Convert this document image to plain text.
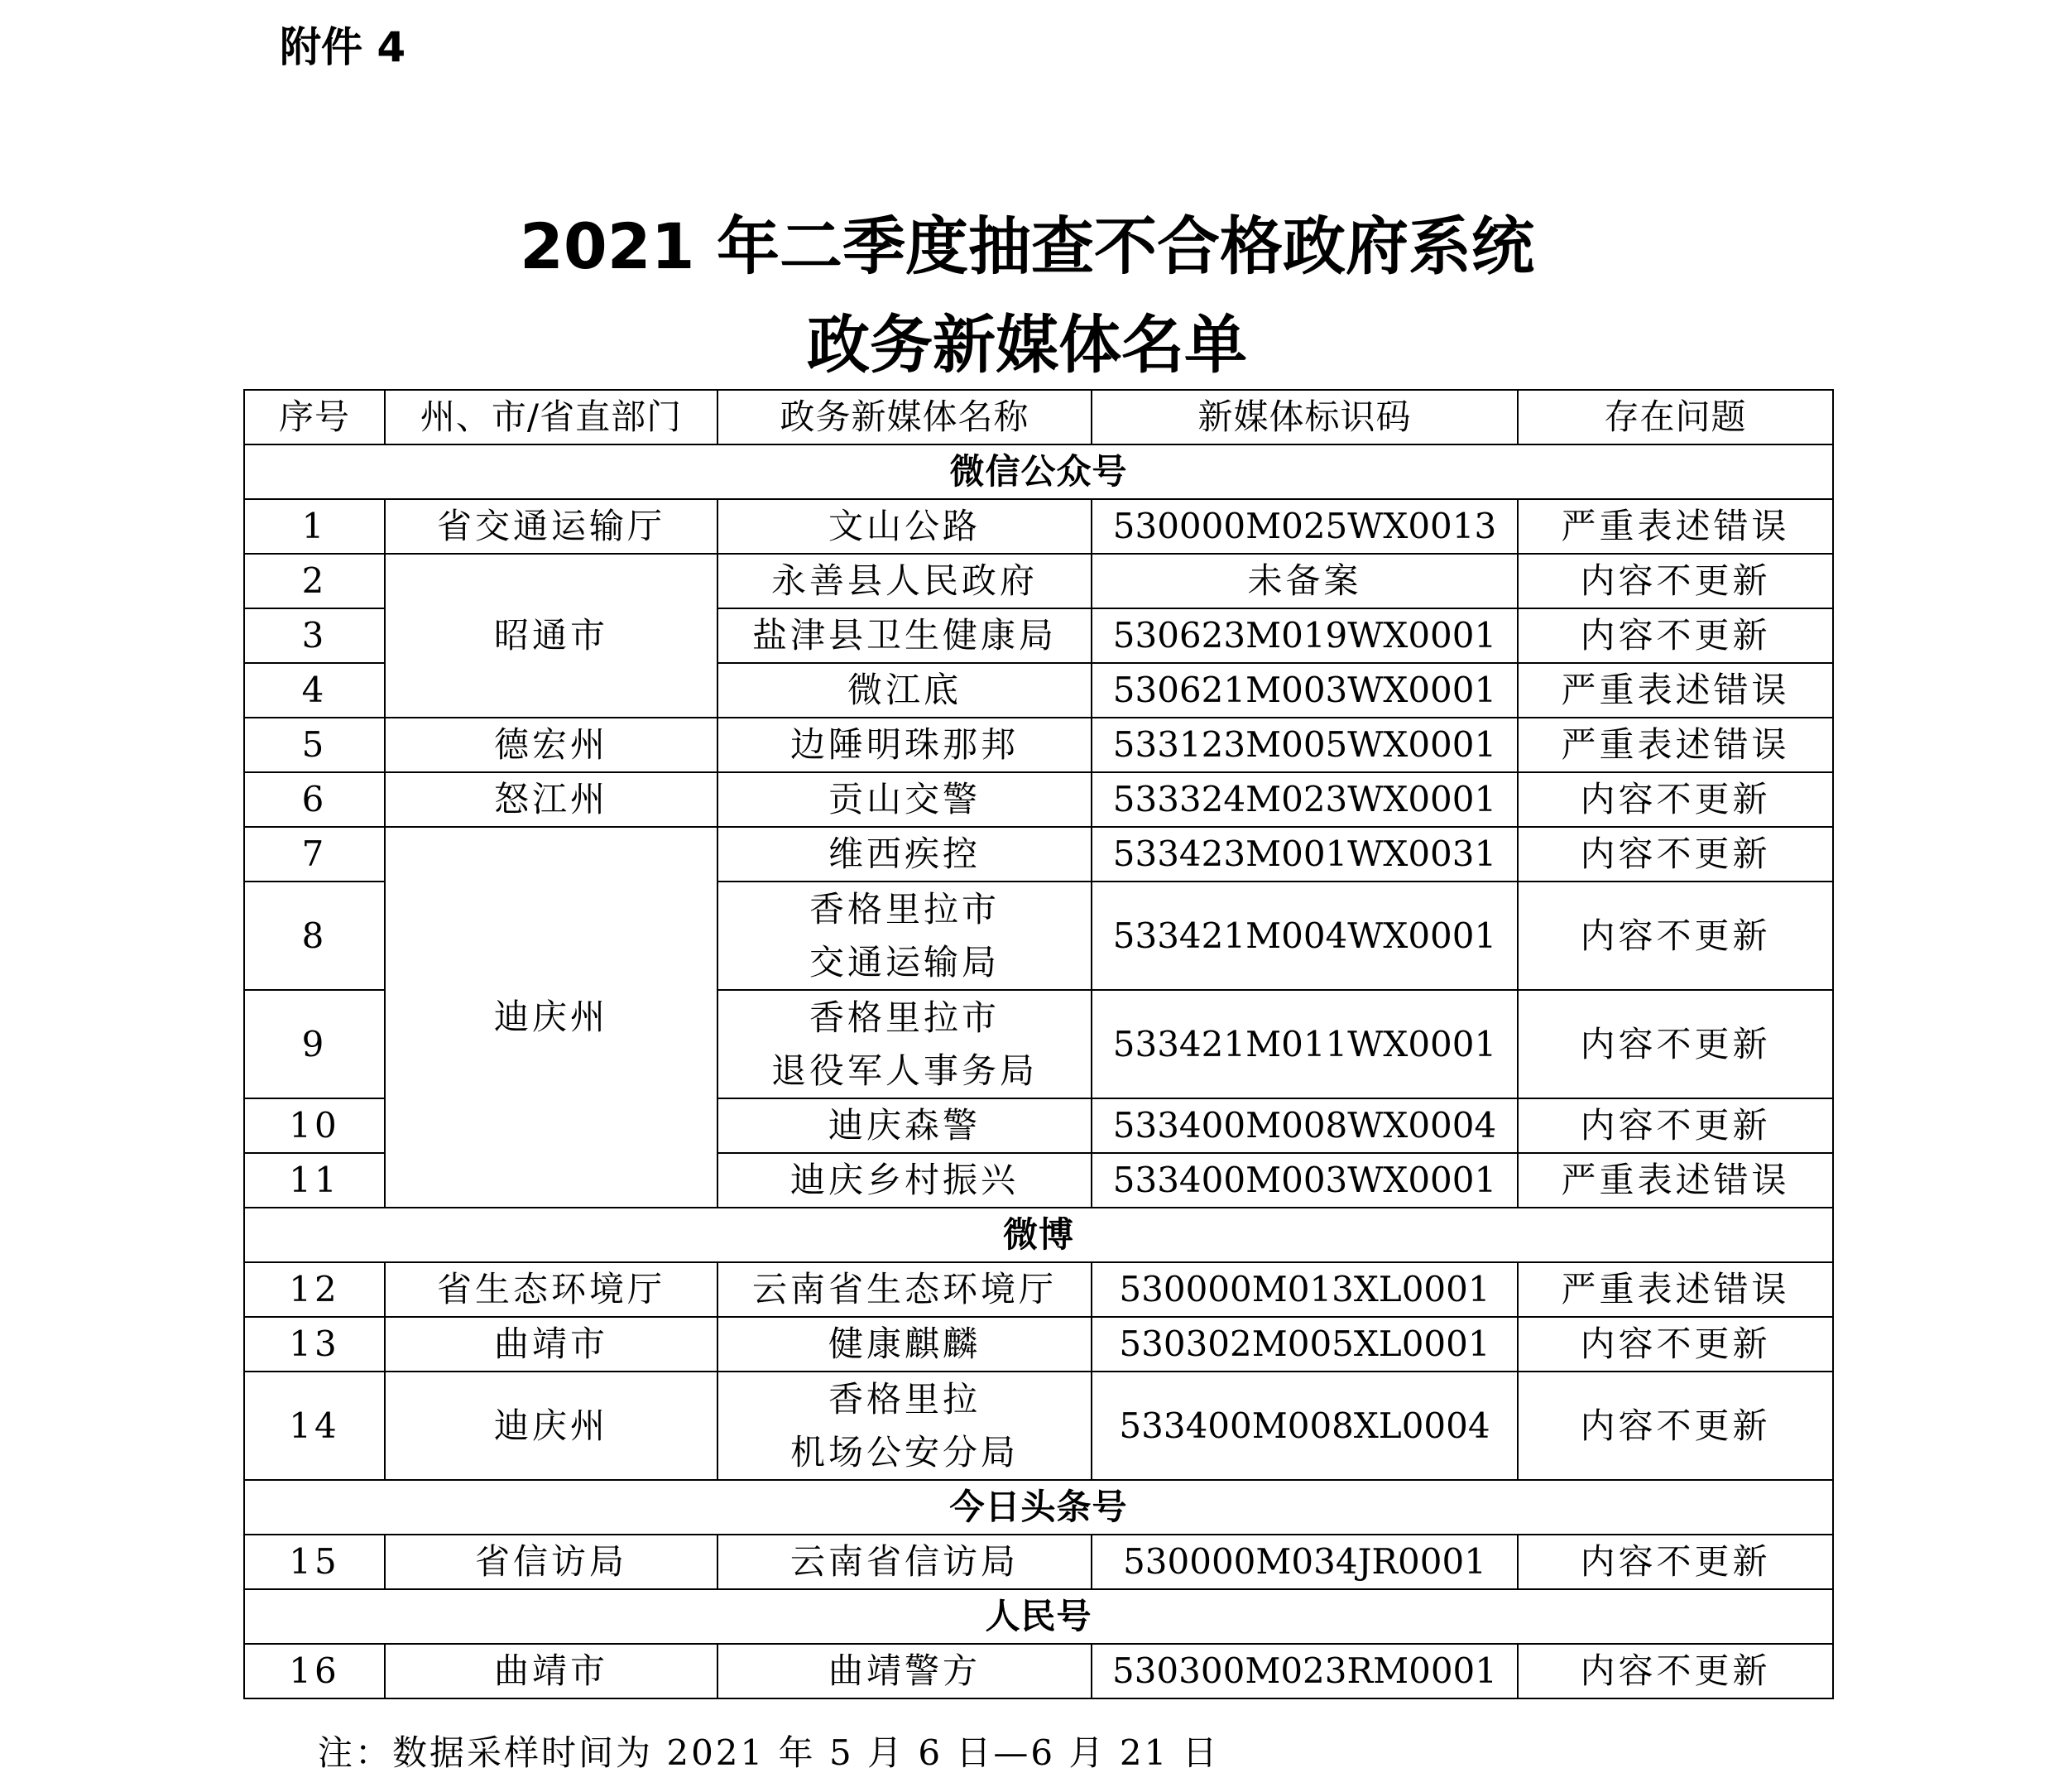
附件 4
2021 年二季度抽查不合格政府系统
政务新媒体名单
序号	州、市/省直部门	政务新媒体名称	新媒体标识码	存在问题
微信公众号				
1	省交通运输厅	文山公路	530000M025WX0013	严重表述错误
2	昭通市	永善县人民政府	未备案	内容不更新
3		盐津县卫生健康局	530623M019WX0001	内容不更新
4		微江底	530621M003WX0001	严重表述错误
5	德宏州	边陲明珠那邦	533123M005WX0001	严重表述错误
6	怒江州	贡山交警	533324M023WX0001	内容不更新
7	迪庆州	维西疾控	533423M001WX0031	内容不更新
8		香格里拉市
交通运输局	533421M004WX0001	内容不更新
9		香格里拉市
退役军人事务局	533421M011WX0001	内容不更新
10		迪庆森警	533400M008WX0004	内容不更新
11		迪庆乡村振兴	533400M003WX0001	严重表述错误
微博				
12	省生态环境厅	云南省生态环境厅	530000M013XL0001	严重表述错误
13	曲靖市	健康麒麟	530302M005XL0001	内容不更新
14	迪庆州	香格里拉
机场公安分局	533400M008XL0004	内容不更新
今日头条号				
15	省信访局	云南省信访局	530000M034JR0001	内容不更新
人民号				
16	曲靖市	曲靖警方	530300M023RM0001	内容不更新
注：数据采样时间为 2021 年 5 月 6 日—6 月 21 日
